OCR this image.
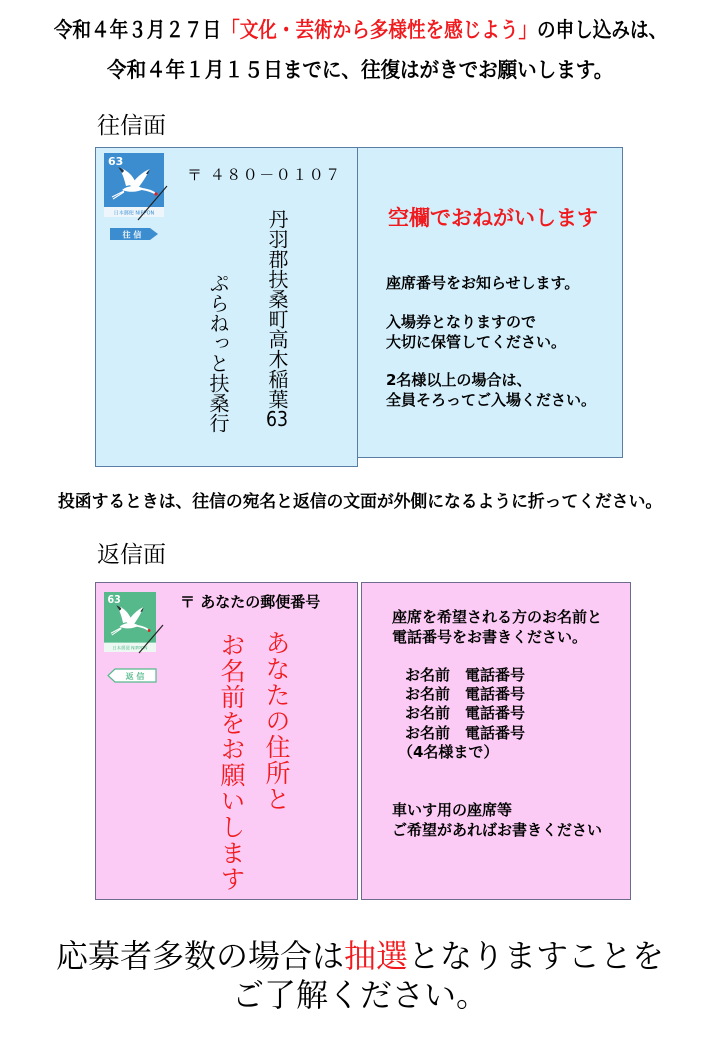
令和４年３月２７日「文化・芸術から多様性を感じよう」の申し込みは、
令和４年１月１５日までに、往復はがきでお願いします。
往信面
63
日本郵便 NIPPON
往 信
〒 ４８０－０１０７
丹羽郡扶桑町高木稲葉63
ぷらねっと扶桑行
空欄でおねがいします
座席番号をお知らせします。
入場券となりますので
大切に保管してください。
2名様以上の場合は、
全員そろってご入場ください。
投函するときは、往信の宛名と返信の文面が外側になるように折ってください。
返信面
63
日本郵便 NIPPON
返 信
〒 あなたの郵便番号
あなたの住所と
お名前をお願いします
座席を希望される方のお名前と
電話番号をお書きください。
お名前　電話番号
お名前　電話番号
お名前　電話番号
お名前　電話番号
（4名様まで）
車いす用の座席等
ご希望があればお書きください
応募者多数の場合は抽選となりますことを
ご了解ください。
